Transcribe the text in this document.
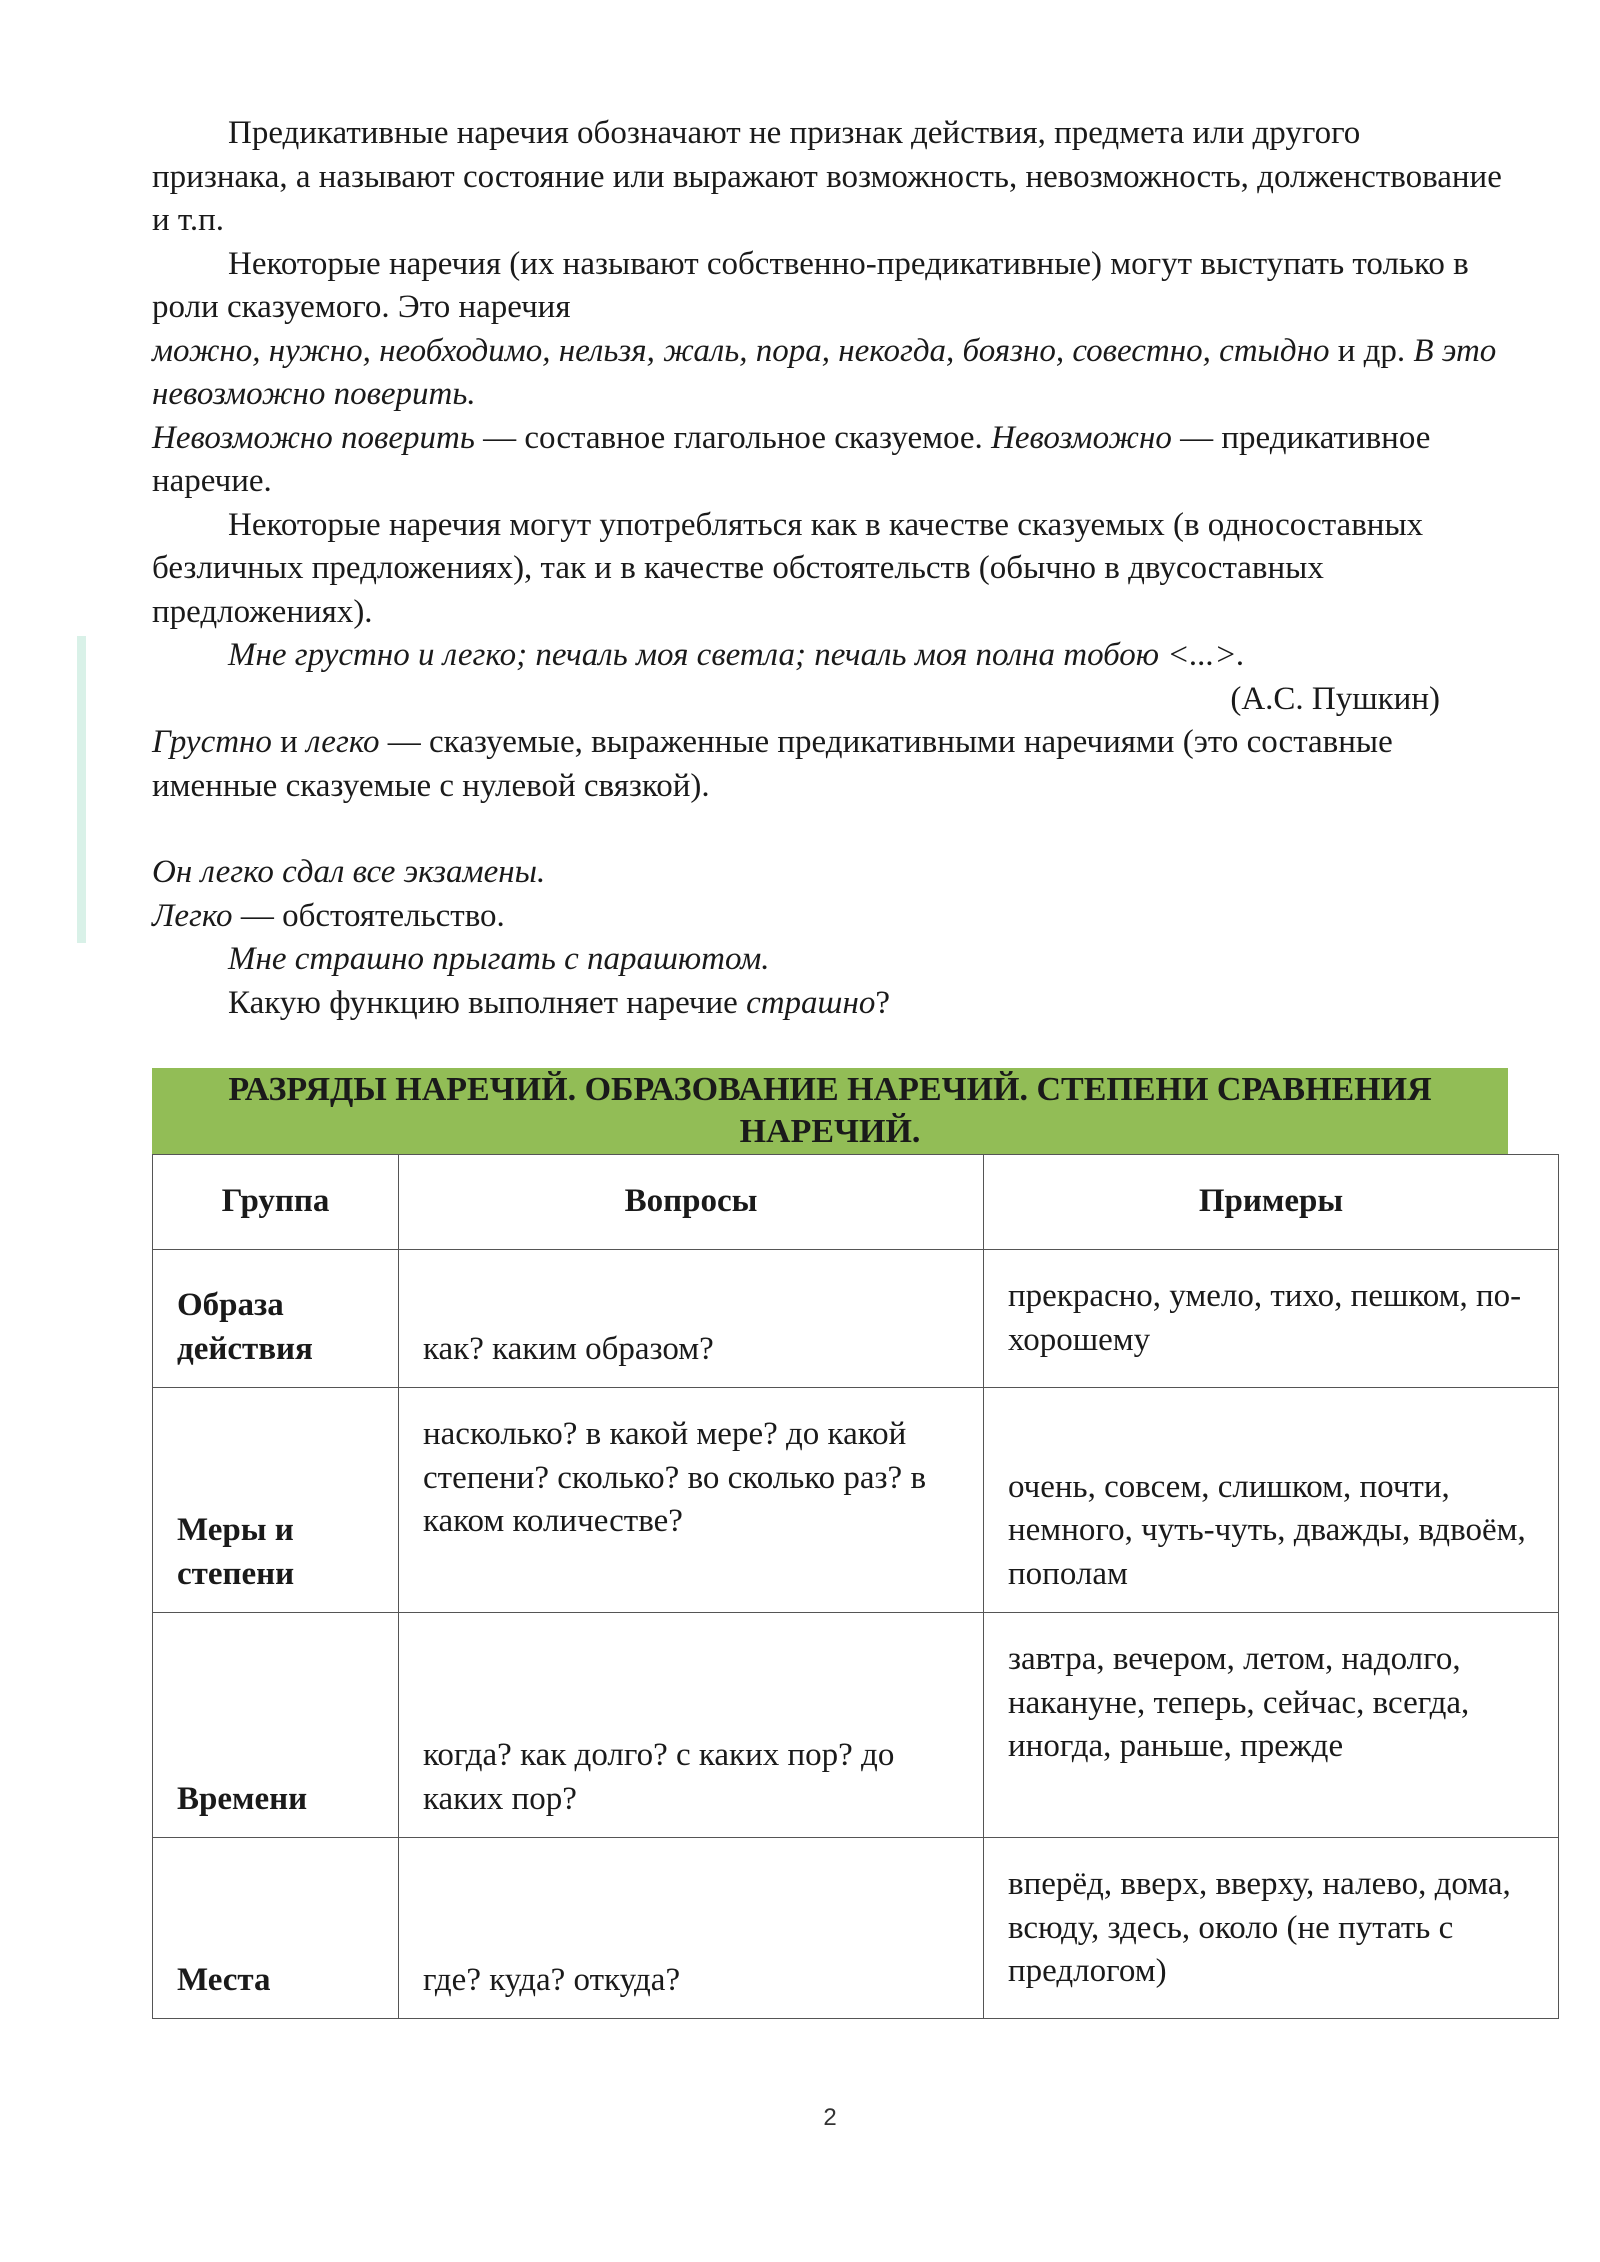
Предикативные наречия обозначают не признак действия, предмета или другого признака, а называют состояние или выражают возможность, невозможность, долженствование и т.п.

Некоторые наречия (их называют собственно-предикативные) могут выступать только в роли сказуемого. Это наречия

можно, нужно, необходимо, нельзя, жаль, пора, некогда, боязно, совестно, стыдно и др. В это невозможно поверить.

Невозможно поверить — составное глагольное сказуемое. Невозможно — предикативное наречие.

Некоторые наречия могут употребляться как в качестве сказуемых (в односоставных безличных предложениях), так и в качестве обстоятельств (обычно в двусоставных предложениях).

Мне грустно и легко; печаль моя светла; печаль моя полна тобою <...>.

(А.С. Пушкин)

Грустно и легко — сказуемые, выраженные предикативными наречиями (это составные именные сказуемые с нулевой связкой).

Он легко сдал все экзамены.

Легко — обстоятельство.

Мне страшно прыгать с парашютом.

Какую функцию выполняет наречие страшно?

РАЗРЯДЫ НАРЕЧИЙ. ОБРАЗОВАНИЕ НАРЕЧИЙ. СТЕПЕНИ СРАВНЕНИЯ НАРЕЧИЙ.
Группа	Вопросы	Примеры
Образа действия	как? каким образом?	прекрасно, умело, тихо, пешком, по-хорошему
Меры и степени	насколько? в какой мере? до какой степени? сколько? во сколько раз? в каком количестве?	очень, совсем, слишком, почти, немного, чуть-чуть, дважды, вдвоём, пополам
Времени	когда? как долго? с каких пор? до каких пор?	завтра, вечером, летом, надолго, накануне, теперь, сейчас, всегда, иногда, раньше, прежде
Места	где? куда? откуда?	вперёд, вверх, вверху, налево, дома, всюду, здесь, около (не путать с предлогом)
2
